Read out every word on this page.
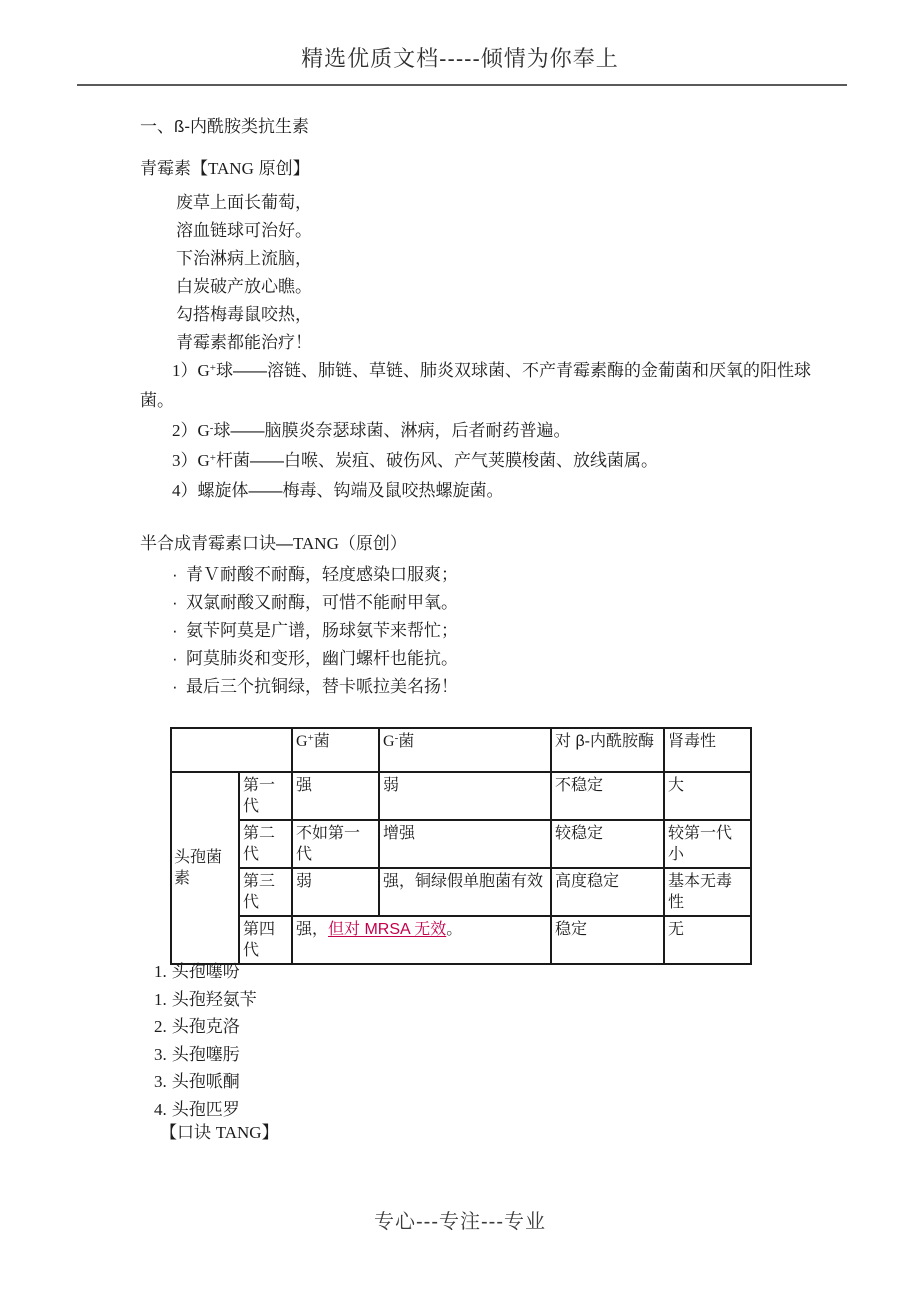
精选优质文档-----倾情为你奉上
一、ß-内酰胺类抗生素
青霉素【TANG 原创】
废草上面长葡萄，
溶血链球可治好。
下治淋病上流脑，
白炭破产放心瞧。
勾搭梅毒鼠咬热，
青霉素都能治疗！

1）G+球——溶链、肺链、草链、肺炎双球菌、不产青霉素酶的金葡菌和厌氧的阳性球菌。

2）G-球——脑膜炎奈瑟球菌、淋病，后者耐药普遍。

3）G+杆菌——白喉、炭疽、破伤风、产气荚膜梭菌、放线菌属。

4）螺旋体——梅毒、钩端及鼠咬热螺旋菌。

半合成青霉素口诀—TANG（原创）
· 青Ｖ耐酸不耐酶，轻度感染口服爽；
· 双氯耐酸又耐酶，可惜不能耐甲氧。
· 氨苄阿莫是广谱，肠球氨苄来帮忙；
· 阿莫肺炎和变形，幽门螺杆也能抗。
· 最后三个抗铜绿，替卡哌拉美名扬！
		G+菌	G-菌	对 β-内酰胺酶	肾毒性
头孢菌素	第一代	强	弱	不稳定	大
	第二代	不如第一代	增强	较稳定	较第一代小
	第三代	弱	强，铜绿假单胞菌有效	高度稳定	基本无毒性
	第四代	强，但对 MRSA 无效。		稳定	无
1. 头孢噻吩
1. 头孢羟氨苄
2. 头孢克洛
3. 头孢噻肟
3. 头孢哌酮
4. 头孢匹罗
【口诀 TANG】
专心---专注---专业
